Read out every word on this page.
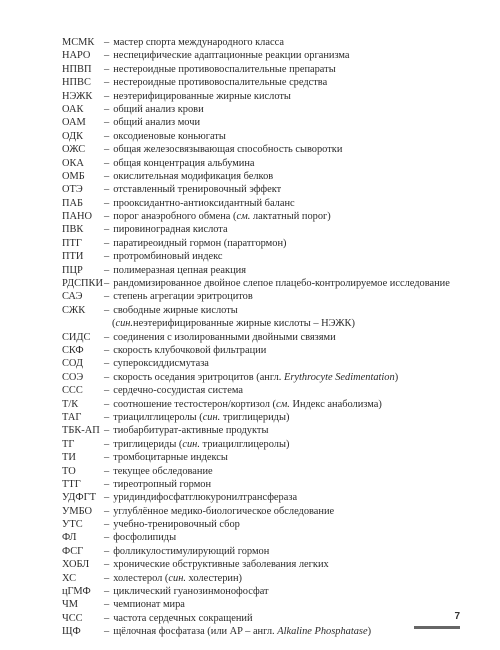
МСМК – мастер спорта международного класса
НАРО	– неспецифические адаптационные реакции организма
НПВП	– нестероидные противовоспалительные препараты
НПВС	– нестероидные противовоспалительные средства
НЭЖК	– неэтерифицированные жирные кислоты
ОАК	– общий анализ крови
ОАМ	– общий анализ мочи
ОДК	– оксодиеновые коньюгаты
ОЖС	– общая железосвязывающая способность сыворотки
ОКА	– общая концентрация альбумина
ОМБ	– окислительная модификация белков
ОТЭ	– отставленный тренировочный эффект
ПАБ	– прооксидантно-антиоксидантный баланс
ПАНО	– порог анаэробного обмена (см. лактатный порог)
ПВК	– пировиноградная кислота
ПТГ	– паратиреоидный гормон (паратгормон)
ПТИ	– протромбиновый индекс
ПЦР	– полимеразная цепная реакция
РДСПКИ – рандомизированное двойное слепое плацебо-контролируемое исследование
САЭ	– степень агрегации эритроцитов
СЖК	– свободные жирные кислоты
( син. неэтерифицированные жирные кислоты – НЭЖК)
СИДС	– соединения с изолированными двойными связями
СКФ	– скорость клубочковой фильтрации
СОД	– супероксиддисмутаза
СОЭ	– скорость оседания эритроцитов (англ. Erythrocyte Sedimentation)
ССС	– сердечно-сосудистая система
Т/К	– соотношение тестостерон/кортизол (см. Индекс анаболизма)
ТАГ	– триацилглицеролы (син. триглицериды)
ТБК-АП – тиобарбитурат-активные продукты
ТГ	– триглицериды (син. триацилглицеролы)
ТИ	– тромбоцитарные индексы
ТО	– текущее обследование
ТТГ	– тиреотропный гормон
УДФГТ – уридиндифосфатглюкуронилтрансфераза
УМБО	– углублённое медико-биологическое обследование
УТС	– учебно-тренировочный сбор
ФЛ	– фосфолипиды
ФСГ	– фолликулостимулирующий гормон
ХОБЛ	– хронические обструктивные заболевания легких
ХС	– холестерол (син. холестерин)
цГМФ	– циклический гуанозинмонофосфат
ЧМ	– чемпионат мира
ЧСС	– частота сердечных сокращений
ЩФ	– щёлочная фосфатаза (или AP – англ. Alkaline Phosphatase)
7
